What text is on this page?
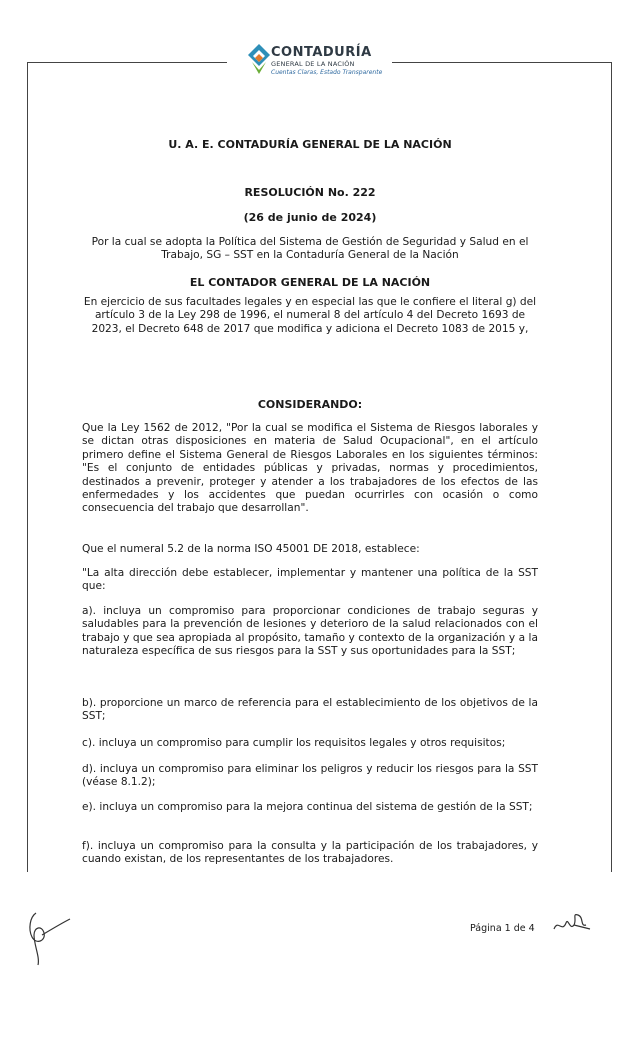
CONTADURÍA
GENERAL DE LA NACIÓN
Cuentas Claras, Estado Transparente
U. A. E. CONTADURÍA GENERAL DE LA NACIÓN
RESOLUCIÓN No. 222
(26 de junio de 2024)
Por la cual se adopta la Política del Sistema de Gestión de Seguridad y Salud en el Trabajo, SG – SST en la Contaduría General de la Nación
EL CONTADOR GENERAL DE LA NACIÓN
En ejercicio de sus facultades legales y en especial las que le confiere el literal g) del artículo 3 de la Ley 298 de 1996, el numeral 8 del artículo 4 del Decreto 1693 de 2023, el Decreto 648 de 2017 que modifica y adiciona el Decreto 1083 de 2015 y,
CONSIDERANDO:
Que la Ley 1562 de 2012, "Por la cual se modifica el Sistema de Riesgos laborales y se dictan otras disposiciones en materia de Salud Ocupacional", en el artículo primero define el Sistema General de Riesgos Laborales en los siguientes términos: "Es el conjunto de entidades públicas y privadas, normas y procedimientos, destinados a prevenir, proteger y atender a los trabajadores de los efectos de las enfermedades y los accidentes que puedan ocurrirles con ocasión o como consecuencia del trabajo que desarrollan".
Que el numeral 5.2 de la norma ISO 45001 DE 2018, establece:
"La alta dirección debe establecer, implementar y mantener una política de la SST que:
a). incluya un compromiso para proporcionar condiciones de trabajo seguras y saludables para la prevención de lesiones y deterioro de la salud relacionados con el trabajo y que sea apropiada al propósito, tamaño y contexto de la organización y a la naturaleza específica de sus riesgos para la SST y sus oportunidades para la SST;
b). proporcione un marco de referencia para el establecimiento de los objetivos de la SST;
c). incluya un compromiso para cumplir los requisitos legales y otros requisitos;
d). incluya un compromiso para eliminar los peligros y reducir los riesgos para la SST (véase 8.1.2);
e). incluya un compromiso para la mejora continua del sistema de gestión de la SST;
f). incluya un compromiso para la consulta y la participación de los trabajadores, y cuando existan, de los representantes de los trabajadores.
Página 1 de 4
